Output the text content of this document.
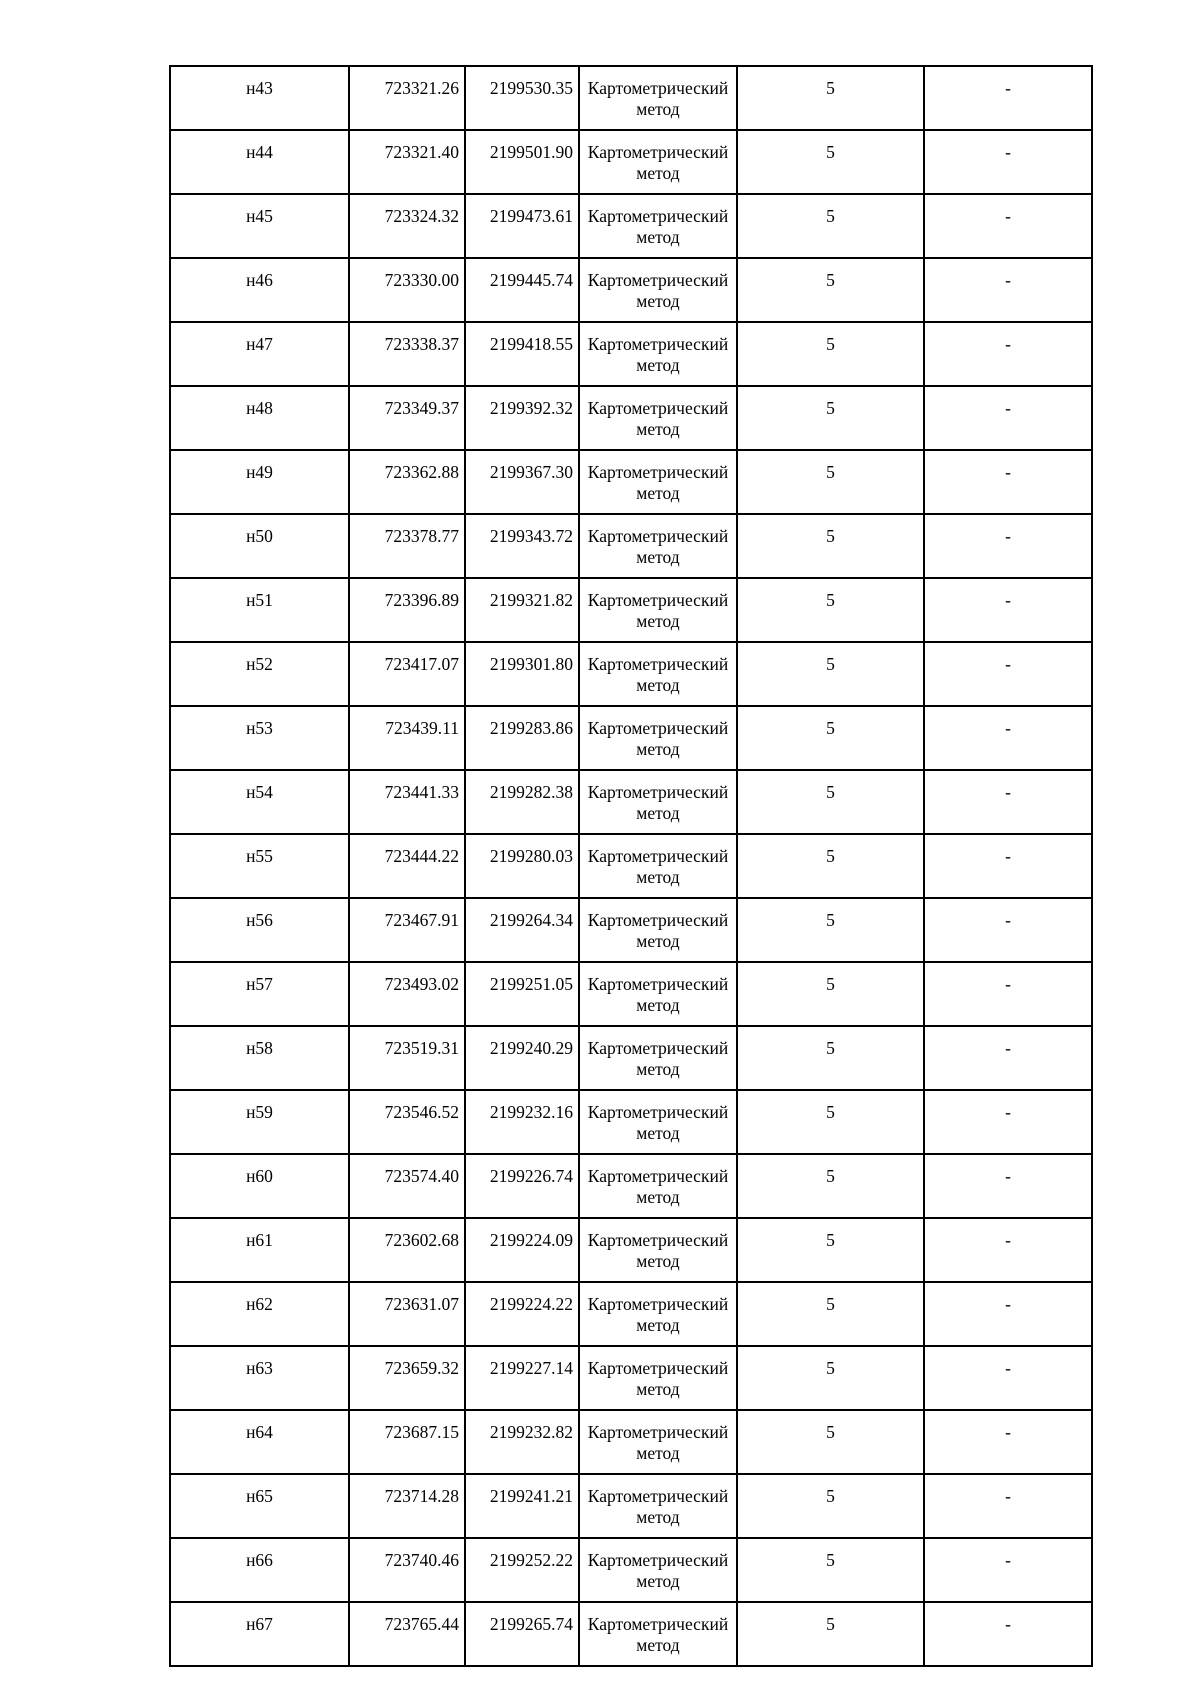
н43	723321.26	2199530.35	Картометрический метод	5	-

н44	723321.40	2199501.90	Картометрический метод	5	-

н45	723324.32	2199473.61	Картометрический метод	5	-

н46	723330.00	2199445.74	Картометрический метод	5	-

н47	723338.37	2199418.55	Картометрический метод	5	-

н48	723349.37	2199392.32	Картометрический метод	5	-

н49	723362.88	2199367.30	Картометрический метод	5	-

н50	723378.77	2199343.72	Картометрический метод	5	-

н51	723396.89	2199321.82	Картометрический метод	5	-

н52	723417.07	2199301.80	Картометрический метод	5	-

н53	723439.11	2199283.86	Картометрический метод	5	-

н54	723441.33	2199282.38	Картометрический метод	5	-

н55	723444.22	2199280.03	Картометрический метод	5	-

н56	723467.91	2199264.34	Картометрический метод	5	-

н57	723493.02	2199251.05	Картометрический метод	5	-

н58	723519.31	2199240.29	Картометрический метод	5	-

н59	723546.52	2199232.16	Картометрический метод	5	-

н60	723574.40	2199226.74	Картометрический метод	5	-

н61	723602.68	2199224.09	Картометрический метод	5	-

н62	723631.07	2199224.22	Картометрический метод	5	-

н63	723659.32	2199227.14	Картометрический метод	5	-

н64	723687.15	2199232.82	Картометрический метод	5	-

н65	723714.28	2199241.21	Картометрический метод	5	-

н66	723740.46	2199252.22	Картометрический метод	5	-

н67	723765.44	2199265.74	Картометрический метод	5	-
